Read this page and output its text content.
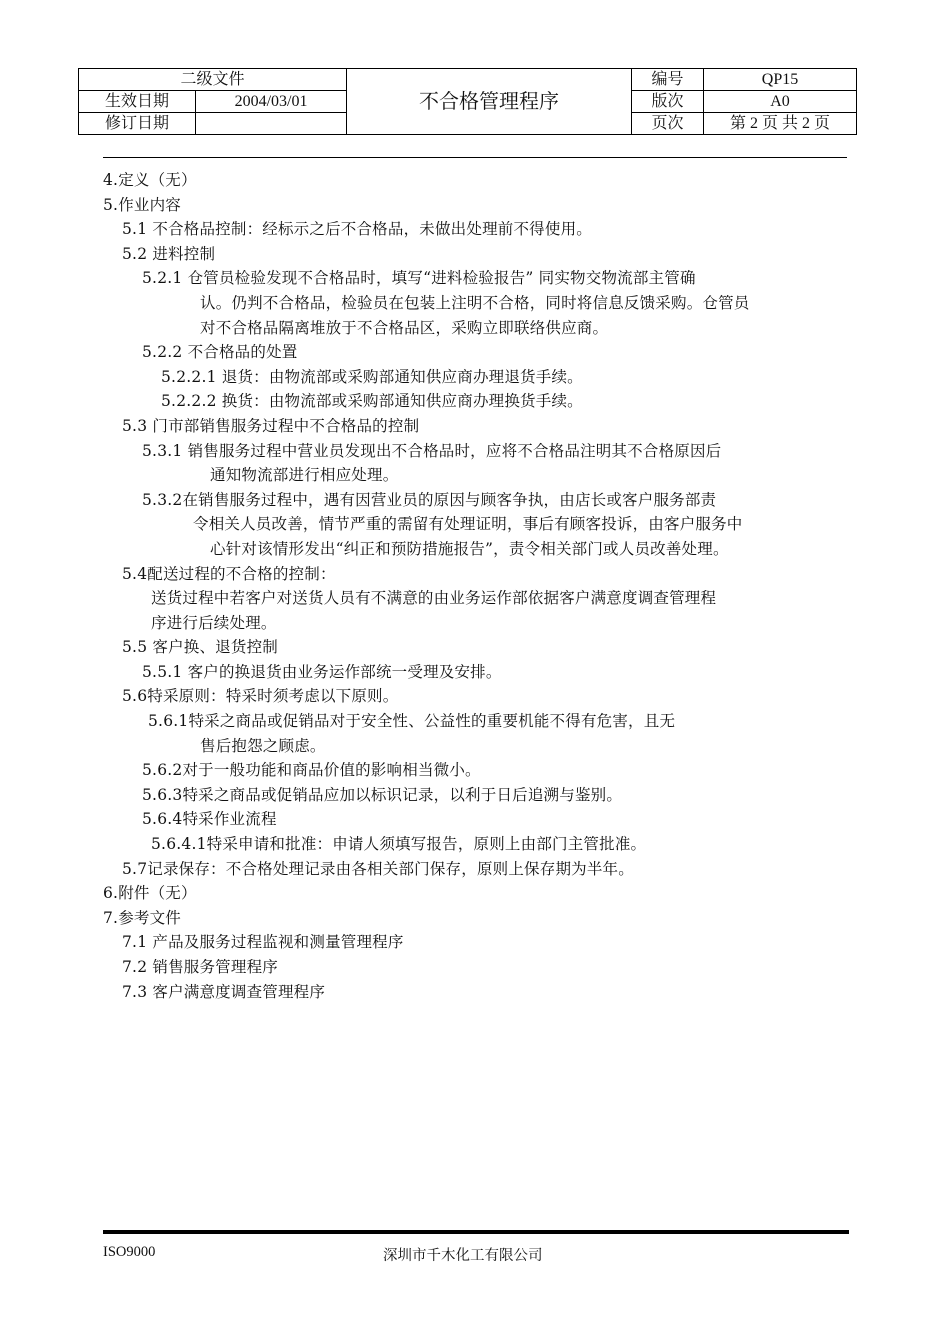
二级文件		不合格管理程序	编号	QP15
生效日期	2004/03/01		版次	A0
修订日期			页次	第 2 页 共 2 页
4.定义（无）
5.作业内容
5.1 不合格品控制：经标示之后不合格品，未做出处理前不得使用。
5.2 进料控制
5.2.1 仓管员检验发现不合格品时，填写“进料检验报告” 同实物交物流部主管确
认。仍判不合格品，检验员在包装上注明不合格，同时将信息反馈采购。仓管员
对不合格品隔离堆放于不合格品区，采购立即联络供应商。
5.2.2 不合格品的处置
5.2.2.1 退货：由物流部或采购部通知供应商办理退货手续。
5.2.2.2 换货：由物流部或采购部通知供应商办理换货手续。
5.3 门市部销售服务过程中不合格品的控制
5.3.1 销售服务过程中营业员发现出不合格品时，应将不合格品注明其不合格原因后
通知物流部进行相应处理。
5.3.2在销售服务过程中，遇有因营业员的原因与顾客争执，由店长或客户服务部责
令相关人员改善，情节严重的需留有处理证明，事后有顾客投诉，由客户服务中
心针对该情形发出“纠正和预防措施报告”，责令相关部门或人员改善处理。
5.4配送过程的不合格的控制：
送货过程中若客户对送货人员有不满意的由业务运作部依据客户满意度调查管理程
序进行后续处理。
5.5 客户换、退货控制
5.5.1 客户的换退货由业务运作部统一受理及安排。
5.6特采原则：特采时须考虑以下原则。
5.6.1特采之商品或促销品对于安全性、公益性的重要机能不得有危害，且无
售后抱怨之顾虑。
5.6.2对于一般功能和商品价值的影响相当微小。
5.6.3特采之商品或促销品应加以标识记录，以利于日后追溯与鉴别。
5.6.4特采作业流程
5.6.4.1特采申请和批准：申请人须填写报告，原则上由部门主管批准。
5.7记录保存：不合格处理记录由各相关部门保存，原则上保存期为半年。
6.附件（无）
7.参考文件
7.1 产品及服务过程监视和测量管理程序
7.2 销售服务管理程序
7.3 客户满意度调查管理程序
ISO9000	深圳市千木化工有限公司
